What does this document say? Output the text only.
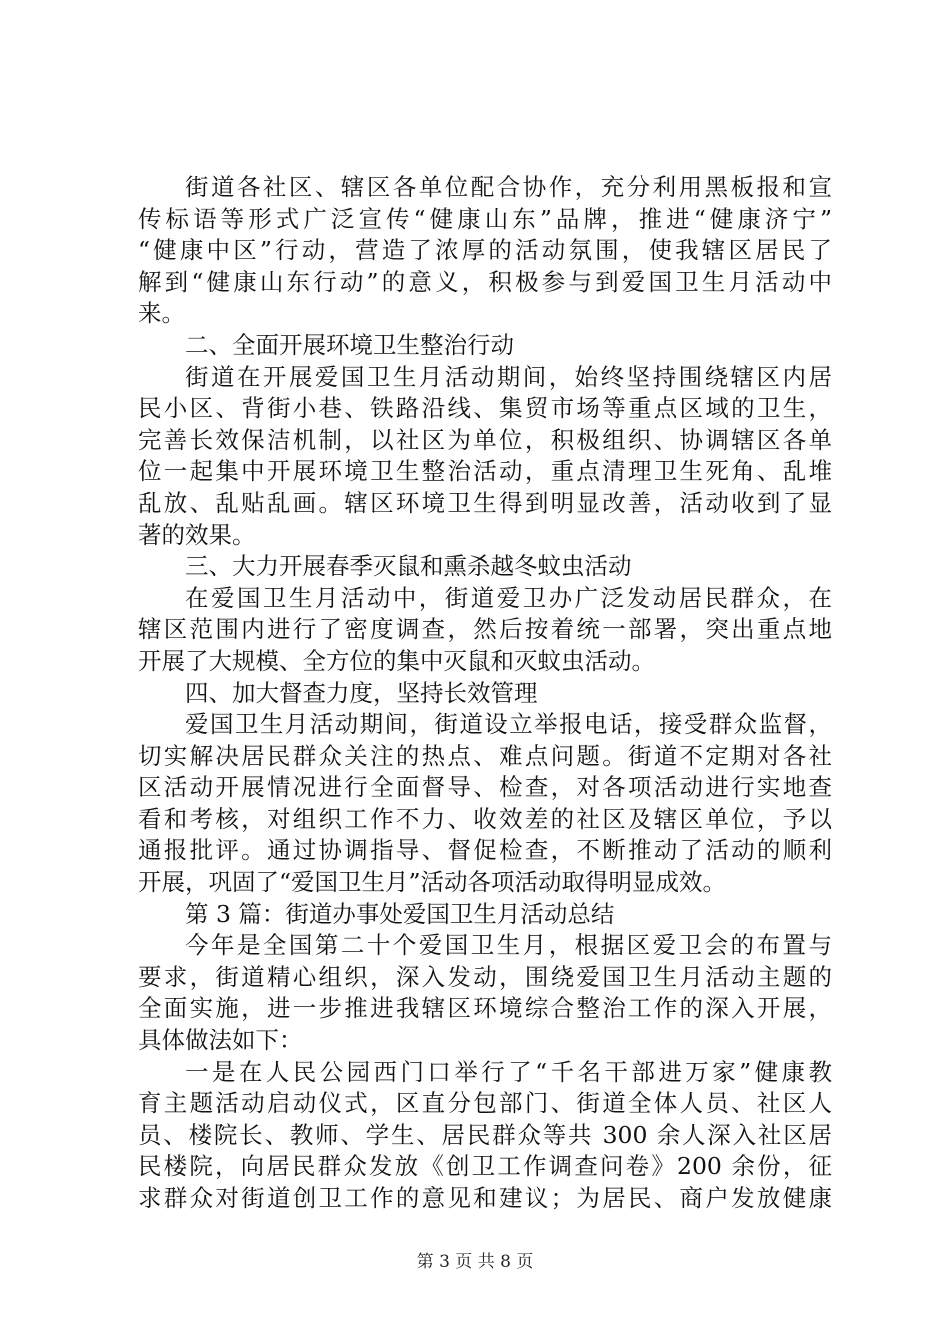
街道各社区、辖区各单位配合协作，充分利用黑板报和宣
传标语等形式广泛宣传“健康山东”品牌，推进“健康济宁”
“健康中区”行动，营造了浓厚的活动氛围，使我辖区居民了
解到“健康山东行动”的意义，积极参与到爱国卫生月活动中
来。
二、全面开展环境卫生整治行动
街道在开展爱国卫生月活动期间，始终坚持围绕辖区内居
民小区、背街小巷、铁路沿线、集贸市场等重点区域的卫生，
完善长效保洁机制，以社区为单位，积极组织、协调辖区各单
位一起集中开展环境卫生整治活动，重点清理卫生死角、乱堆
乱放、乱贴乱画。辖区环境卫生得到明显改善，活动收到了显
著的效果。
三、大力开展春季灭鼠和熏杀越冬蚊虫活动
在爱国卫生月活动中，街道爱卫办广泛发动居民群众，在
辖区范围内进行了密度调查，然后按着统一部署，突出重点地
开展了大规模、全方位的集中灭鼠和灭蚊虫活动。
四、加大督查力度，坚持长效管理
爱国卫生月活动期间，街道设立举报电话，接受群众监督，
切实解决居民群众关注的热点、难点问题。街道不定期对各社
区活动开展情况进行全面督导、检查，对各项活动进行实地查
看和考核，对组织工作不力、收效差的社区及辖区单位，予以
通报批评。通过协调指导、督促检查，不断推动了活动的顺利
开展，巩固了“爱国卫生月”活动各项活动取得明显成效。
第 3 篇：街道办事处爱国卫生月活动总结
今年是全国第二十个爱国卫生月，根据区爱卫会的布置与
要求，街道精心组织，深入发动，围绕爱国卫生月活动主题的
全面实施，进一步推进我辖区环境综合整治工作的深入开展，
具体做法如下：
一是在人民公园西门口举行了“千名干部进万家”健康教
育主题活动启动仪式，区直分包部门、街道全体人员、社区人
员、楼院长、教师、学生、居民群众等共 300 余人深入社区居
民楼院，向居民群众发放《创卫工作调查问卷》200 余份，征
求群众对街道创卫工作的意见和建议；为居民、商户发放健康
第 3 页 共 8 页
